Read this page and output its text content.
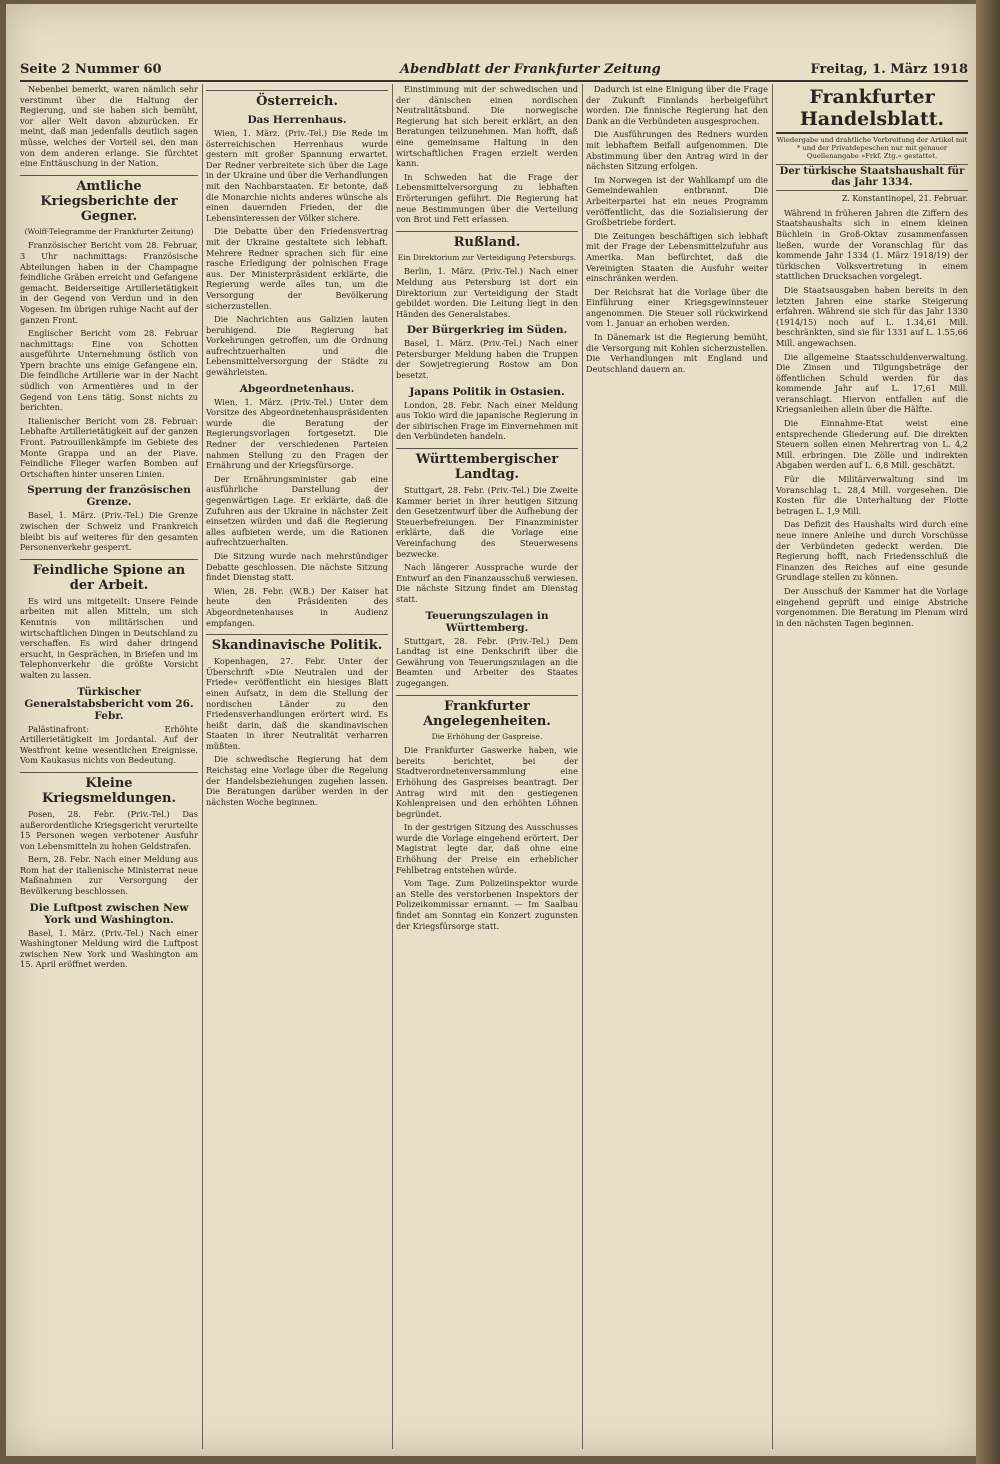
Seite 2 Nummer 60	Abendblatt der Frankfurter Zeitung	Freitag, 1. März 1918

Nebenbei bemerkt, waren nämlich sehr verstimmt über die Haltung der Regierung, und sie haben sich bemüht, vor aller Welt davon abzurücken. Er meint, daß man jedenfalls deutlich sagen müsse, welches der Vorteil sei, den man von dem anderen erlange. Sie fürchtet eine Enttäuschung in der Nation.

Amtliche Kriegsberichte der Gegner.
(Wolff-Telegramme der Frankfurter Zeitung)

Französischer Bericht vom 28. Februar, 3 Uhr nachmittags: Französische Abteilungen haben in der Champagne feindliche Gräben erreicht und Gefangene gemacht. Beiderseitige Artillerietätigkeit in der Gegend von Verdun und in den Vogesen. Im übrigen ruhige Nacht auf der ganzen Front.

Englischer Bericht vom 28. Februar nachmittags: Eine von Schotten ausgeführte Unternehmung östlich von Ypern brachte uns einige Gefangene ein. Die feindliche Artillerie war in der Nacht südlich von Armentières und in der Gegend von Lens tätig. Sonst nichts zu berichten.

Italienischer Bericht vom 28. Februar: Lebhafte Artillerietätigkeit auf der ganzen Front. Patrouillenkämpfe im Gebiete des Monte Grappa und an der Piave. Feindliche Flieger warfen Bomben auf Ortschaften hinter unseren Linien.

Sperrung der französischen Grenze.

Basel, 1. März. (Priv.-Tel.) Die Grenze zwischen der Schweiz und Frankreich bleibt bis auf weiteres für den gesamten Personenverkehr gesperrt.

Feindliche Spione an der Arbeit.

Es wird uns mitgeteilt: Unsere Feinde arbeiten mit allen Mitteln, um sich Kenntnis von militärischen und wirtschaftlichen Dingen in Deutschland zu verschaffen. Es wird daher dringend ersucht, in Gesprächen, in Briefen und im Telephonverkehr die größte Vorsicht walten zu lassen.

Türkischer Generalstabsbericht vom 26. Febr.

Palästinafront: Erhöhte Artillerietätigkeit im Jordantal. Auf der Westfront keine wesentlichen Ereignisse. Vom Kaukasus nichts von Bedeutung.

Kleine Kriegsmeldungen.

Posen, 28. Febr. (Priv.-Tel.) Das außerordentliche Kriegsgericht verurteilte 15 Personen wegen verbotener Ausfuhr von Lebensmitteln zu hohen Geldstrafen.

Bern, 28. Febr. Nach einer Meldung aus Rom hat der italienische Ministerrat neue Maßnahmen zur Versorgung der Bevölkerung beschlossen.

Die Luftpost zwischen New York und Washington.

Basel, 1. März. (Priv.-Tel.) Nach einer Washingtoner Meldung wird die Luftpost zwischen New York und Washington am 15. April eröffnet werden.

Österreich.
Das Herrenhaus.

Wien, 1. März. (Priv.-Tel.) Die Rede im österreichischen Herrenhaus wurde gestern mit großer Spannung erwartet. Der Redner verbreitete sich über die Lage in der Ukraine und über die Verhandlungen mit den Nachbarstaaten. Er betonte, daß die Monarchie nichts anderes wünsche als einen dauernden Frieden, der die Lebensinteressen der Völker sichere.

Die Debatte über den Friedensvertrag mit der Ukraine gestaltete sich lebhaft. Mehrere Redner sprachen sich für eine rasche Erledigung der polnischen Frage aus. Der Ministerpräsident erklärte, die Regierung werde alles tun, um die Versorgung der Bevölkerung sicherzustellen.

Die Nachrichten aus Galizien lauten beruhigend. Die Regierung hat Vorkehrungen getroffen, um die Ordnung aufrechtzuerhalten und die Lebensmittelversorgung der Städte zu gewährleisten.

Abgeordnetenhaus.

Wien, 1. März. (Priv.-Tel.) Unter dem Vorsitze des Abgeordnetenhauspräsidenten wurde die Beratung der Regierungsvorlagen fortgesetzt. Die Redner der verschiedenen Parteien nahmen Stellung zu den Fragen der Ernährung und der Kriegsfürsorge.

Der Ernährungsminister gab eine ausführliche Darstellung der gegenwärtigen Lage. Er erklärte, daß die Zufuhren aus der Ukraine in nächster Zeit einsetzen würden und daß die Regierung alles aufbieten werde, um die Rationen aufrechtzuerhalten.

Die Sitzung wurde nach mehrstündiger Debatte geschlossen. Die nächste Sitzung findet Dienstag statt.

Wien, 28. Febr. (W.B.) Der Kaiser hat heute den Präsidenten des Abgeordnetenhauses in Audienz empfangen.

Skandinavische Politik.

Kopenhagen, 27. Febr. Unter der Überschrift »Die Neutralen und der Friede« veröffentlicht ein hiesiges Blatt einen Aufsatz, in dem die Stellung der nordischen Länder zu den Friedensverhandlungen erörtert wird. Es heißt darin, daß die skandinavischen Staaten in ihrer Neutralität verharren müßten.

Die schwedische Regierung hat dem Reichstag eine Vorlage über die Regelung der Handelsbeziehungen zugehen lassen. Die Beratungen darüber werden in der nächsten Woche beginnen.

Einstimmung mit der schwedischen und der dänischen einen nordischen Neutralitätsbund. Die norwegische Regierung hat sich bereit erklärt, an den Beratungen teilzunehmen. Man hofft, daß eine gemeinsame Haltung in den wirtschaftlichen Fragen erzielt werden kann.

In Schweden hat die Frage der Lebensmittelversorgung zu lebhaften Erörterungen geführt. Die Regierung hat neue Bestimmungen über die Verteilung von Brot und Fett erlassen.

Rußland.
Ein Direktorium zur Verteidigung Petersburgs.

Berlin, 1. März. (Priv.-Tel.) Nach einer Meldung aus Petersburg ist dort ein Direktorium zur Verteidigung der Stadt gebildet worden. Die Leitung liegt in den Händen des Generalstabes.

Der Bürgerkrieg im Süden.

Basel, 1. März. (Priv.-Tel.) Nach einer Petersburger Meldung haben die Truppen der Sowjetregierung Rostow am Don besetzt.

Japans Politik in Ostasien.

London, 28. Febr. Nach einer Meldung aus Tokio wird die japanische Regierung in der sibirischen Frage im Einvernehmen mit den Verbündeten handeln.

Württembergischer Landtag.

Stuttgart, 28. Febr. (Priv.-Tel.) Die Zweite Kammer beriet in ihrer heutigen Sitzung den Gesetzentwurf über die Aufhebung der Steuerbefreiungen. Der Finanzminister erklärte, daß die Vorlage eine Vereinfachung des Steuerwesens bezwecke.

Nach längerer Aussprache wurde der Entwurf an den Finanzausschuß verwiesen. Die nächste Sitzung findet am Dienstag statt.

Teuerungszulagen in Württemberg.

Stuttgart, 28. Febr. (Priv.-Tel.) Dem Landtag ist eine Denkschrift über die Gewährung von Teuerungszulagen an die Beamten und Arbeiter des Staates zugegangen.

Frankfurter Angelegenheiten.
Die Erhöhung der Gaspreise.

Die Frankfurter Gaswerke haben, wie bereits berichtet, bei der Stadtverordnetenversammlung eine Erhöhung des Gaspreises beantragt. Der Antrag wird mit den gestiegenen Kohlenpreisen und den erhöhten Löhnen begründet.

In der gestrigen Sitzung des Ausschusses wurde die Vorlage eingehend erörtert. Der Magistrat legte dar, daß ohne eine Erhöhung der Preise ein erheblicher Fehlbetrag entstehen würde.

Vom Tage. Zum Polizeiinspektor wurde an Stelle des verstorbenen Inspektors der Polizeikommissar ernannt. — Im Saalbau findet am Sonntag ein Konzert zugunsten der Kriegsfürsorge statt.

Dadurch ist eine Einigung über die Frage der Zukunft Finnlands herbeigeführt worden. Die finnische Regierung hat den Dank an die Verbündeten ausgesprochen.

Die Ausführungen des Redners wurden mit lebhaftem Beifall aufgenommen. Die Abstimmung über den Antrag wird in der nächsten Sitzung erfolgen.

Im Norwegen ist der Wahlkampf um die Gemeindewahlen entbrannt. Die Arbeiterpartei hat ein neues Programm veröffentlicht, das die Sozialisierung der Großbetriebe fordert.

Die Zeitungen beschäftigen sich lebhaft mit der Frage der Lebensmittelzufuhr aus Amerika. Man befürchtet, daß die Vereinigten Staaten die Ausfuhr weiter einschränken werden.

Der Reichsrat hat die Vorlage über die Einführung einer Kriegsgewinnsteuer angenommen. Die Steuer soll rückwirkend vom 1. Januar an erhoben werden.

In Dänemark ist die Regierung bemüht, die Versorgung mit Kohlen sicherzustellen. Die Verhandlungen mit England und Deutschland dauern an.

Frankfurter Handelsblatt.
Wiedergabe und drahtliche Verbreitung der Artikel mit * und der Privatdepeschen nur mit genauer Quellenangabe »Frkf. Ztg.« gestattet.
Der türkische Staatshaushalt für das Jahr 1334.
Z. Konstantinopel, 21. Februar.

Während in früheren Jahren die Ziffern des Staatshaushalts sich in einem kleinen Büchlein in Groß-Oktav zusammenfassen ließen, wurde der Voranschlag für das kommende Jahr 1334 (1. März 1918/19) der türkischen Volksvertretung in einem stattlichen Drucksachen vorgelegt.

Die Staatsausgaben haben bereits in den letzten Jahren eine starke Steigerung erfahren. Während sie sich für das Jahr 1330 (1914/15) noch auf L. 1.34,61 Mill. beschränkten, sind sie für 1331 auf L. 1.55,66 Mill. angewachsen.

Die allgemeine Staatsschuldenverwaltung. Die Zinsen und Tilgungsbeträge der öffentlichen Schuld werden für das kommende Jahr auf L. 17,61 Mill. veranschlagt. Hiervon entfallen auf die Kriegsanleihen allein über die Hälfte.

Die Einnahme-Etat weist eine entsprechende Gliederung auf. Die direkten Steuern sollen einen Mehrertrag von L. 4,2 Mill. erbringen. Die Zölle und indirekten Abgaben werden auf L. 6,8 Mill. geschätzt.

Für die Militärverwaltung sind im Voranschlag L. 28,4 Mill. vorgesehen. Die Kosten für die Unterhaltung der Flotte betragen L. 1,9 Mill.

Das Defizit des Haushalts wird durch eine neue innere Anleihe und durch Vorschüsse der Verbündeten gedeckt werden. Die Regierung hofft, nach Friedensschluß die Finanzen des Reiches auf eine gesunde Grundlage stellen zu können.

Der Ausschuß der Kammer hat die Vorlage eingehend geprüft und einige Abstriche vorgenommen. Die Beratung im Plenum wird in den nächsten Tagen beginnen.
